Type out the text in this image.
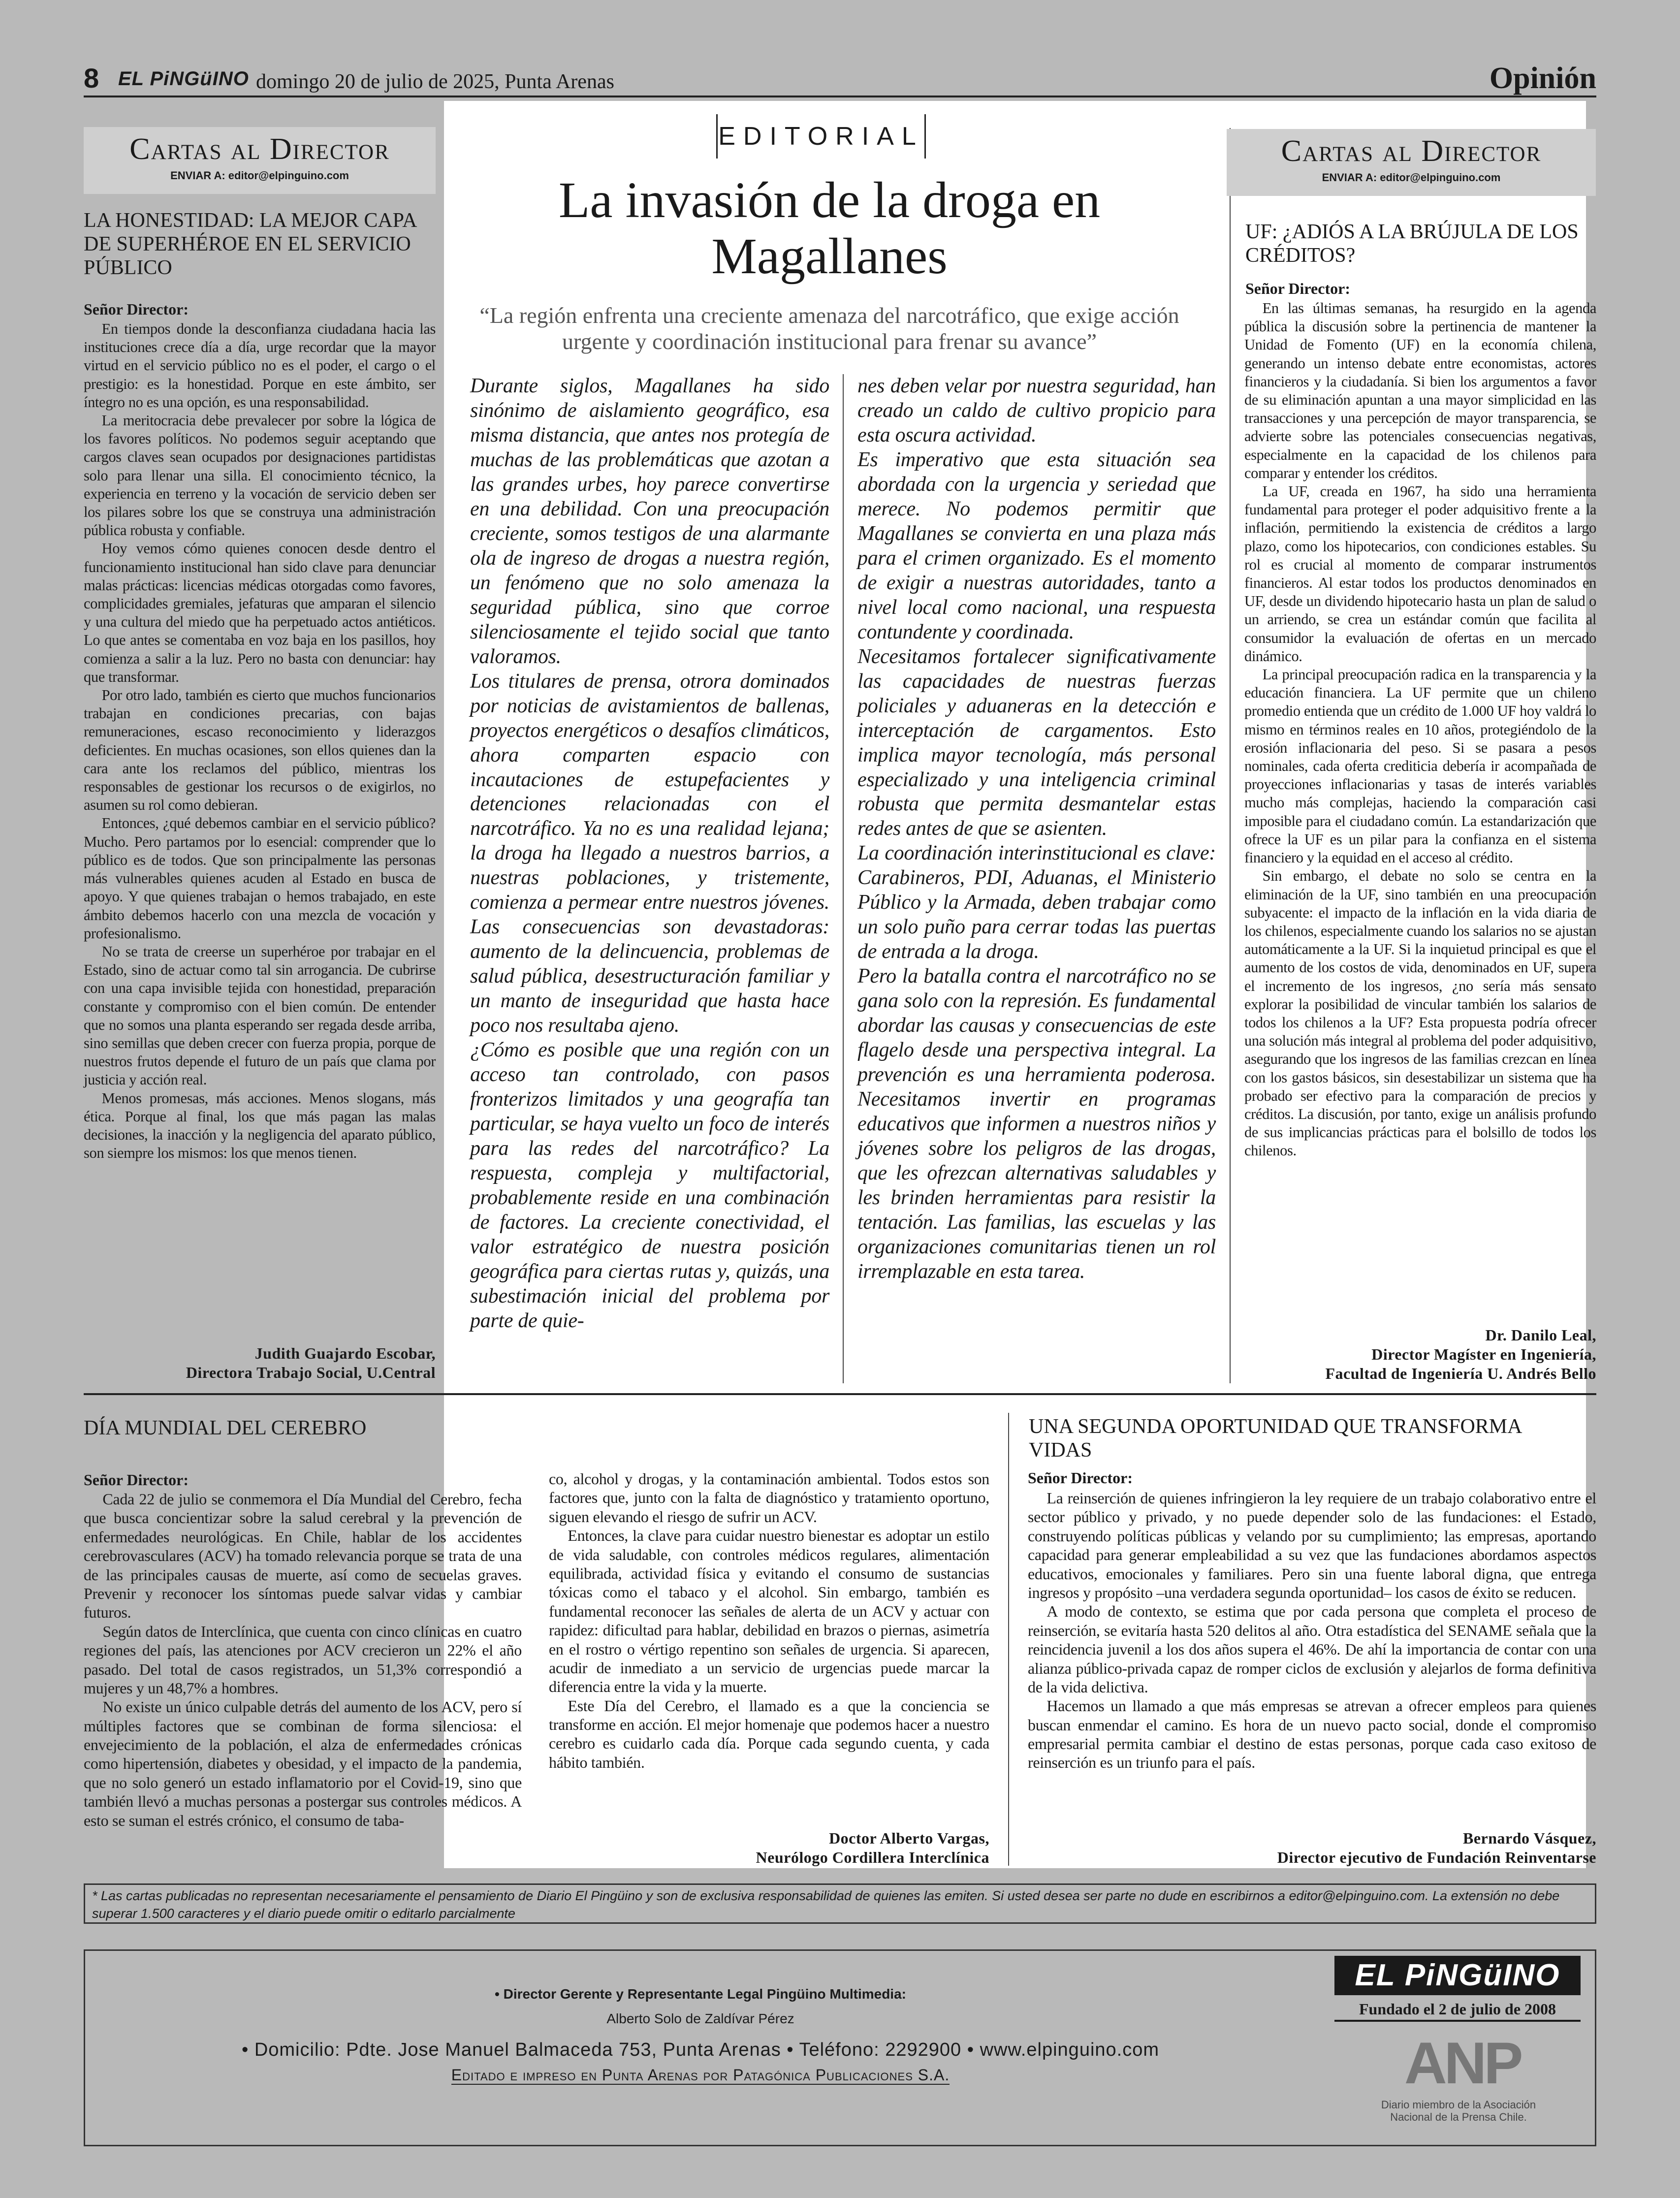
8 EL PiNGüINO domingo 20 de julio de 2025, Punta Arenas	Opinión
Cartas al Director
ENVIAR A: editor@elpinguino.com
LA HONESTIDAD: LA MEJOR CAPA DE SUPERHÉROE EN EL SERVICIO PÚBLICO
Señor Director:

En tiempos donde la desconfianza ciudadana hacia las instituciones crece día a día, urge recordar que la mayor virtud en el servicio público no es el poder, el cargo o el prestigio: es la honestidad. Porque en este ámbito, ser íntegro no es una opción, es una responsabilidad.

La meritocracia debe prevalecer por sobre la lógica de los favores políticos. No podemos seguir aceptando que cargos claves sean ocupados por designaciones partidistas solo para llenar una silla. El conocimiento técnico, la experiencia en terreno y la vocación de servicio deben ser los pilares sobre los que se construya una administración pública robusta y confiable.

Hoy vemos cómo quienes conocen desde dentro el funcionamiento institucional han sido clave para denunciar malas prácticas: licencias médicas otorgadas como favores, complicidades gremiales, jefaturas que amparan el silencio y una cultura del miedo que ha perpetuado actos antiéticos. Lo que antes se comentaba en voz baja en los pasillos, hoy comienza a salir a la luz. Pero no basta con denunciar: hay que transformar.

Por otro lado, también es cierto que muchos funcionarios trabajan en condiciones precarias, con bajas remuneraciones, escaso reconocimiento y liderazgos deficientes. En muchas ocasiones, son ellos quienes dan la cara ante los reclamos del público, mientras los responsables de gestionar los recursos o de exigirlos, no asumen su rol como debieran.

Entonces, ¿qué debemos cambiar en el servicio público? Mucho. Pero partamos por lo esencial: comprender que lo público es de todos. Que son principalmente las personas más vulnerables quienes acuden al Estado en busca de apoyo. Y que quienes trabajan o hemos trabajado, en este ámbito debemos hacerlo con una mezcla de vocación y profesionalismo.

No se trata de creerse un superhéroe por trabajar en el Estado, sino de actuar como tal sin arrogancia. De cubrirse con una capa invisible tejida con honestidad, preparación constante y compromiso con el bien común. De entender que no somos una planta esperando ser regada desde arriba, sino semillas que deben crecer con fuerza propia, porque de nuestros frutos depende el futuro de un país que clama por justicia y acción real.

Menos promesas, más acciones. Menos slogans, más ética. Porque al final, los que más pagan las malas decisiones, la inacción y la negligencia del aparato público, son siempre los mismos: los que menos tienen.

Judith Guajardo Escobar,
Directora Trabajo Social, U.Central
EDITORIAL
La invasión de la droga en Magallanes
“La región enfrenta una creciente amenaza del narcotráfico, que exige acción urgente y coordinación institucional para frenar su avance”

Durante siglos, Magallanes ha sido sinónimo de aislamiento geográfico, esa misma distancia, que antes nos protegía de muchas de las problemáticas que azotan a las grandes urbes, hoy parece convertirse en una debilidad. Con una preocupación creciente, somos testigos de una alarmante ola de ingreso de drogas a nuestra región, un fenómeno que no solo amenaza la seguridad pública, sino que corroe silenciosamente el tejido social que tanto valoramos.

Los titulares de prensa, otrora dominados por noticias de avistamientos de ballenas, proyectos energéticos o desafíos climáticos, ahora comparten espacio con incautaciones de estupefacientes y detenciones relacionadas con el narcotráfico. Ya no es una realidad lejana; la droga ha llegado a nuestros barrios, a nuestras poblaciones, y tristemente, comienza a permear entre nuestros jóvenes. Las consecuencias son devastadoras: aumento de la delincuencia, problemas de salud pública, desestructuración familiar y un manto de inseguridad que hasta hace poco nos resultaba ajeno.

¿Cómo es posible que una región con un acceso tan controlado, con pasos fronterizos limitados y una geografía tan particular, se haya vuelto un foco de interés para las redes del narcotráfico? La respuesta, compleja y multifactorial, probablemente reside en una combinación de factores. La creciente conectividad, el valor estratégico de nuestra posición geográfica para ciertas rutas y, quizás, una subestimación inicial del problema por parte de quie-

nes deben velar por nuestra seguridad, han creado un caldo de cultivo propicio para esta oscura actividad.

Es imperativo que esta situación sea abordada con la urgencia y seriedad que merece. No podemos permitir que Magallanes se convierta en una plaza más para el crimen organizado. Es el momento de exigir a nuestras autoridades, tanto a nivel local como nacional, una respuesta contundente y coordinada.

Necesitamos fortalecer significativamente las capacidades de nuestras fuerzas policiales y aduaneras en la detección e interceptación de cargamentos. Esto implica mayor tecnología, más personal especializado y una inteligencia criminal robusta que permita desmantelar estas redes antes de que se asienten.

La coordinación interinstitucional es clave: Carabineros, PDI, Aduanas, el Ministerio Público y la Armada, deben trabajar como un solo puño para cerrar todas las puertas de entrada a la droga.

Pero la batalla contra el narcotráfico no se gana solo con la represión. Es fundamental abordar las causas y consecuencias de este flagelo desde una perspectiva integral. La prevención es una herramienta poderosa. Necesitamos invertir en programas educativos que informen a nuestros niños y jóvenes sobre los peligros de las drogas, que les ofrezcan alternativas saludables y les brinden herramientas para resistir la tentación. Las familias, las escuelas y las organizaciones comunitarias tienen un rol irremplazable en esta tarea.

Cartas al Director
ENVIAR A: editor@elpinguino.com
UF: ¿ADIÓS A LA BRÚJULA DE LOS CRÉDITOS?
Señor Director:

En las últimas semanas, ha resurgido en la agenda pública la discusión sobre la pertinencia de mantener la Unidad de Fomento (UF) en la economía chilena, generando un intenso debate entre economistas, actores financieros y la ciudadanía. Si bien los argumentos a favor de su eliminación apuntan a una mayor simplicidad en las transacciones y una percepción de mayor transparencia, se advierte sobre las potenciales consecuencias negativas, especialmente en la capacidad de los chilenos para comparar y entender los créditos.

La UF, creada en 1967, ha sido una herramienta fundamental para proteger el poder adquisitivo frente a la inflación, permitiendo la existencia de créditos a largo plazo, como los hipotecarios, con condiciones estables. Su rol es crucial al momento de comparar instrumentos financieros. Al estar todos los productos denominados en UF, desde un dividendo hipotecario hasta un plan de salud o un arriendo, se crea un estándar común que facilita al consumidor la evaluación de ofertas en un mercado dinámico.

La principal preocupación radica en la transparencia y la educación financiera. La UF permite que un chileno promedio entienda que un crédito de 1.000 UF hoy valdrá lo mismo en términos reales en 10 años, protegiéndolo de la erosión inflacionaria del peso. Si se pasara a pesos nominales, cada oferta crediticia debería ir acompañada de proyecciones inflacionarias y tasas de interés variables mucho más complejas, haciendo la comparación casi imposible para el ciudadano común. La estandarización que ofrece la UF es un pilar para la confianza en el sistema financiero y la equidad en el acceso al crédito.

Sin embargo, el debate no solo se centra en la eliminación de la UF, sino también en una preocupación subyacente: el impacto de la inflación en la vida diaria de los chilenos, especialmente cuando los salarios no se ajustan automáticamente a la UF. Si la inquietud principal es que el aumento de los costos de vida, denominados en UF, supera el incremento de los ingresos, ¿no sería más sensato explorar la posibilidad de vincular también los salarios de todos los chilenos a la UF? Esta propuesta podría ofrecer una solución más integral al problema del poder adquisitivo, asegurando que los ingresos de las familias crezcan en línea con los gastos básicos, sin desestabilizar un sistema que ha probado ser efectivo para la comparación de precios y créditos. La discusión, por tanto, exige un análisis profundo de sus implicancias prácticas para el bolsillo de todos los chilenos.

Dr. Danilo Leal,
Director Magíster en Ingeniería,
Facultad de Ingeniería U. Andrés Bello
DÍA MUNDIAL DEL CEREBRO
Señor Director:

Cada 22 de julio se conmemora el Día Mundial del Cerebro, fecha que busca concientizar sobre la salud cerebral y la prevención de enfermedades neurológicas. En Chile, hablar de los accidentes cerebrovasculares (ACV) ha tomado relevancia porque se trata de una de las principales causas de muerte, así como de secuelas graves. Prevenir y reconocer los síntomas puede salvar vidas y cambiar futuros.

Según datos de Interclínica, que cuenta con cinco clínicas en cuatro regiones del país, las atenciones por ACV crecieron un 22% el año pasado. Del total de casos registrados, un 51,3% correspondió a mujeres y un 48,7% a hombres.

No existe un único culpable detrás del aumento de los ACV, pero sí múltiples factores que se combinan de forma silenciosa: el envejecimiento de la población, el alza de enfermedades crónicas como hipertensión, diabetes y obesidad, y el impacto de la pandemia, que no solo generó un estado inflamatorio por el Covid-19, sino que también llevó a muchas personas a postergar sus controles médicos. A esto se suman el estrés crónico, el consumo de taba-

co, alcohol y drogas, y la contaminación ambiental. Todos estos son factores que, junto con la falta de diagnóstico y tratamiento oportuno, siguen elevando el riesgo de sufrir un ACV.

Entonces, la clave para cuidar nuestro bienestar es adoptar un estilo de vida saludable, con controles médicos regulares, alimentación equilibrada, actividad física y evitando el consumo de sustancias tóxicas como el tabaco y el alcohol. Sin embargo, también es fundamental reconocer las señales de alerta de un ACV y actuar con rapidez: dificultad para hablar, debilidad en brazos o piernas, asimetría en el rostro o vértigo repentino son señales de urgencia. Si aparecen, acudir de inmediato a un servicio de urgencias puede marcar la diferencia entre la vida y la muerte.

Este Día del Cerebro, el llamado es a que la conciencia se transforme en acción. El mejor homenaje que podemos hacer a nuestro cerebro es cuidarlo cada día. Porque cada segundo cuenta, y cada hábito también.

Doctor Alberto Vargas,
Neurólogo Cordillera Interclínica
UNA SEGUNDA OPORTUNIDAD QUE TRANSFORMA VIDAS
Señor Director:

La reinserción de quienes infringieron la ley requiere de un trabajo colaborativo entre el sector público y privado, y no puede depender solo de las fundaciones: el Estado, construyendo políticas públicas y velando por su cumplimiento; las empresas, aportando capacidad para generar empleabilidad a su vez que las fundaciones abordamos aspectos educativos, emocionales y familiares. Pero sin una fuente laboral digna, que entrega ingresos y propósito –una verdadera segunda oportunidad– los casos de éxito se reducen.

A modo de contexto, se estima que por cada persona que completa el proceso de reinserción, se evitaría hasta 520 delitos al año. Otra estadística del SENAME señala que la reincidencia juvenil a los dos años supera el 46%. De ahí la importancia de contar con una alianza público-privada capaz de romper ciclos de exclusión y alejarlos de forma definitiva de la vida delictiva.

Hacemos un llamado a que más empresas se atrevan a ofrecer empleos para quienes buscan enmendar el camino. Es hora de un nuevo pacto social, donde el compromiso empresarial permita cambiar el destino de estas personas, porque cada caso exitoso de reinserción es un triunfo para el país.

Bernardo Vásquez,
Director ejecutivo de Fundación Reinventarse
* Las cartas publicadas no representan necesariamente el pensamiento de Diario El Pingüino y son de exclusiva responsabilidad de quienes las emiten. Si usted desea ser parte no dude en escribirnos a editor@elpinguino.com. La extensión no debe superar 1.500 caracteres y el diario puede omitir o editarlo parcialmente
• Director Gerente y Representante Legal Pingüino Multimedia:
Alberto Solo de Zaldívar Pérez
• Domicilio: Pdte. Jose Manuel Balmaceda 753, Punta Arenas • Teléfono: 2292900 • www.elpinguino.com
Editado e impreso en Punta Arenas por Patagónica Publicaciones S.A.
EL PiNGüINO
Fundado el 2 de julio de 2008
ANP
Diario miembro de la Asociación Nacional de la Prensa Chile.
